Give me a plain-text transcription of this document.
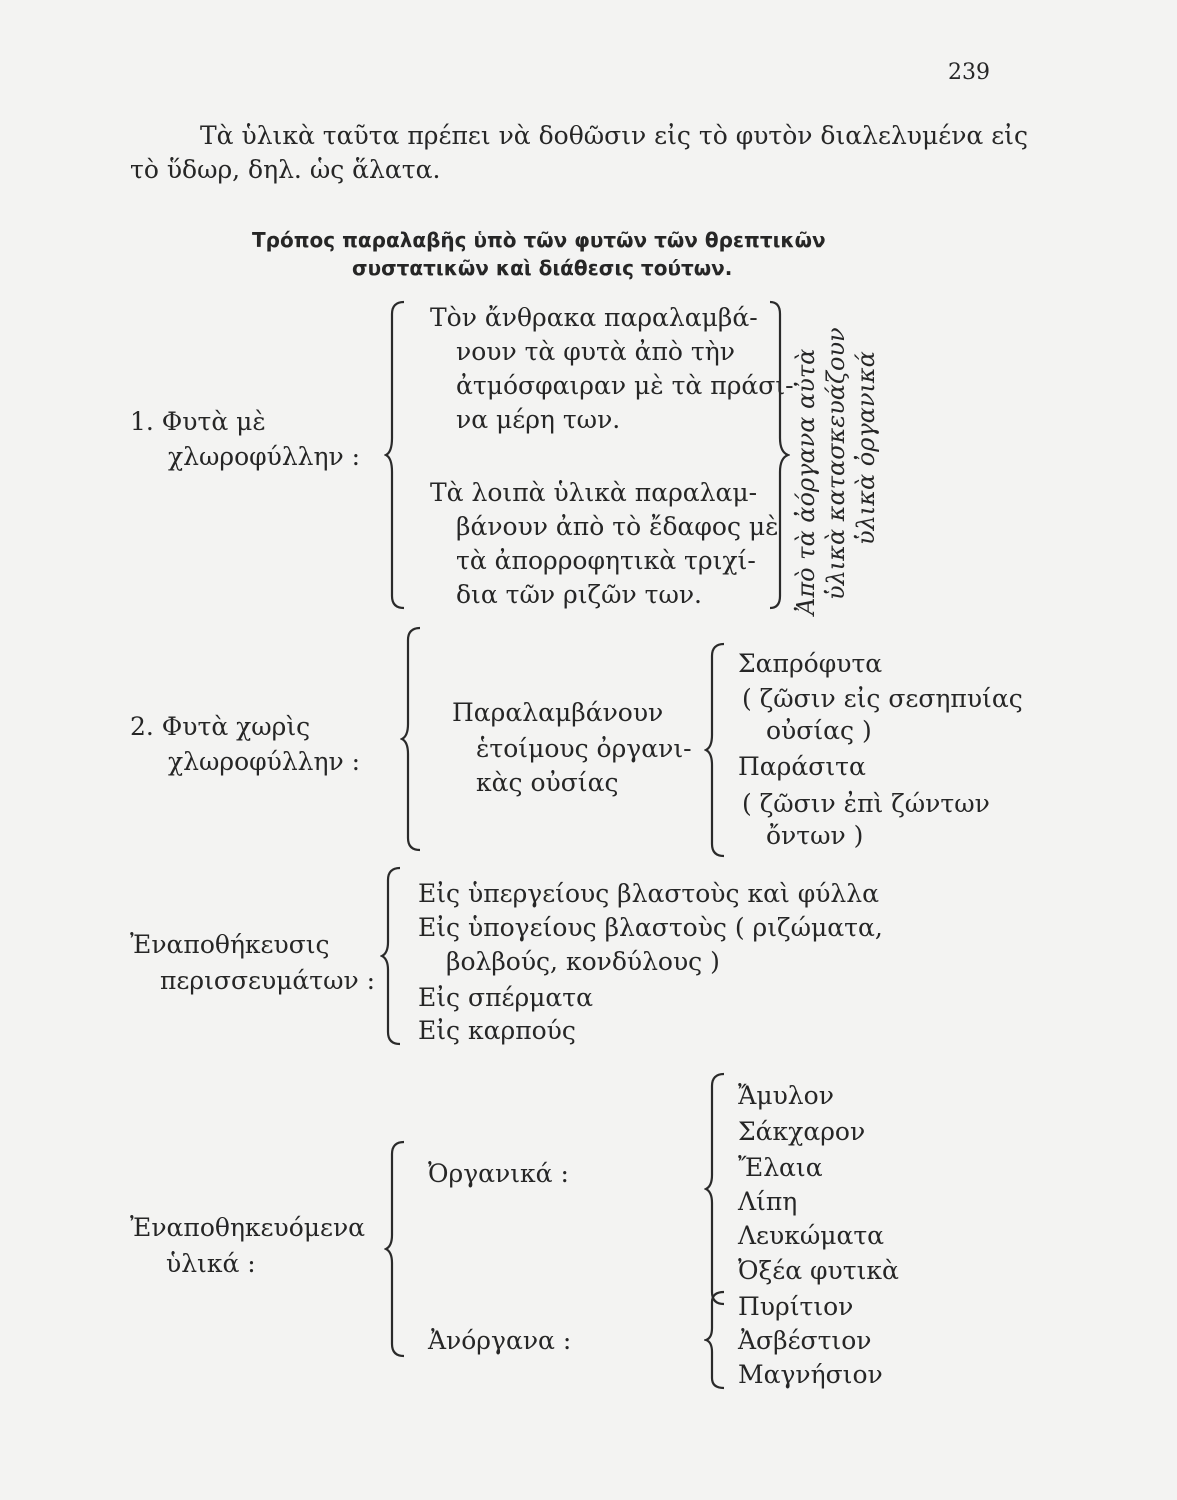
239
Τὰ ὑλικὰ ταῦτα πρέπει νὰ δοθῶσιν εἰς τὸ φυτὸν διαλελυμένα εἰς
τὸ ὕδωρ, δηλ. ὡς ἅλατα.
Τρόπος παραλαβῆς ὑπὸ τῶν φυτῶν τῶν θρεπτικῶν
συστατικῶν καὶ διάθεσις τούτων.
1. Φυτὰ μὲ
χλωροφύλλην :
Τὸν ἄνθρακα παραλαμβά-
νουν τὰ φυτὰ ἀπὸ τὴν
ἀτμόσφαιραν μὲ τὰ πράσι-
να μέρη των.
Τὰ λοιπὰ ὑλικὰ παραλαμ-
βάνουν ἀπὸ τὸ ἔδαφος μὲ
τὰ ἀπορροφητικὰ τριχί-
δια τῶν ριζῶν των.	Ἀπὸ τὰ ἀόργανα αὐτὰ ὑλικὰ κατασκευάζουν ὑλικὰ ὀργανικά
2. Φυτὰ χωρὶς
χλωροφύλλην :
Παραλαμβάνουν
ἑτοίμους ὀργανι-
κὰς οὐσίας
Σαπρόφυτα
( ζῶσιν εἰς σεσηπυίας
οὐσίας )
Παράσιτα
( ζῶσιν ἐπὶ ζώντων
ὄντων )
Ἐναποθήκευσις
περισσευμάτων :
Εἰς ὑπεργείους βλαστοὺς καὶ φύλλα
Εἰς ὑπογείους βλαστοὺς ( ριζώματα,
βολβούς, κονδύλους )
Εἰς σπέρματα
Εἰς καρπούς
Ἐναποθηκευόμενα
ὑλικά :
Ὀργανικά :
Ἀνόργανα :
Ἄμυλον
Σάκχαρον
Ἔλαια
Λίπη
Λευκώματα
Ὀξέα φυτικὰ
Πυρίτιον
Ἀσβέστιον
Μαγνήσιον
